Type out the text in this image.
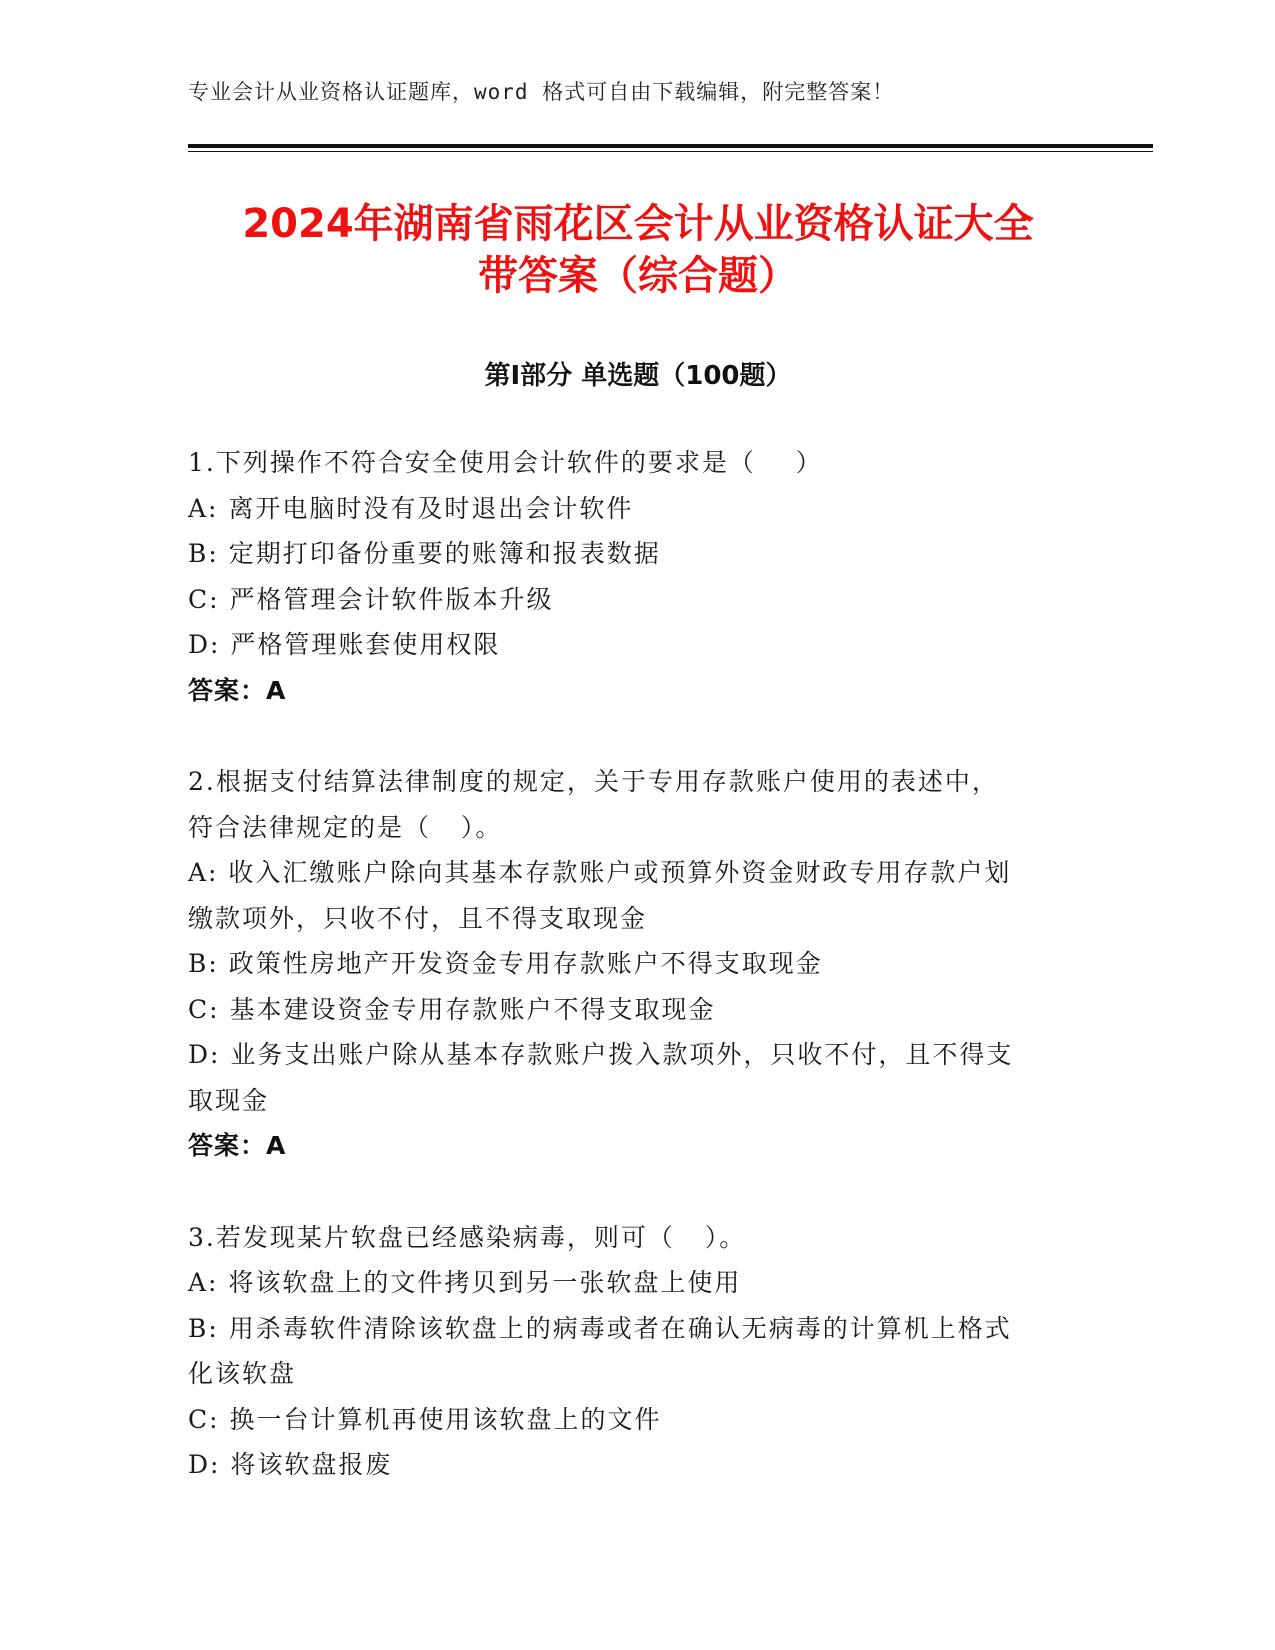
专业会计从业资格认证题库，word 格式可自由下载编辑，附完整答案！
2024年湖南省雨花区会计从业资格认证大全
带答案（综合题）
第Ⅰ部分 单选题（100题）
1.下列操作不符合安全使用会计软件的要求是（    ）
A: 离开电脑时没有及时退出会计软件
B: 定期打印备份重要的账簿和报表数据
C: 严格管理会计软件版本升级
D: 严格管理账套使用权限
答案：A
2.根据支付结算法律制度的规定，关于专用存款账户使用的表述中，
符合法律规定的是（   ）。
A: 收入汇缴账户除向其基本存款账户或预算外资金财政专用存款户划
缴款项外，只收不付，且不得支取现金
B: 政策性房地产开发资金专用存款账户不得支取现金
C: 基本建设资金专用存款账户不得支取现金
D: 业务支出账户除从基本存款账户拨入款项外，只收不付，且不得支
取现金
答案：A
3.若发现某片软盘已经感染病毒，则可（   ）。
A: 将该软盘上的文件拷贝到另一张软盘上使用
B: 用杀毒软件清除该软盘上的病毒或者在确认无病毒的计算机上格式
化该软盘
C: 换一台计算机再使用该软盘上的文件
D: 将该软盘报废
